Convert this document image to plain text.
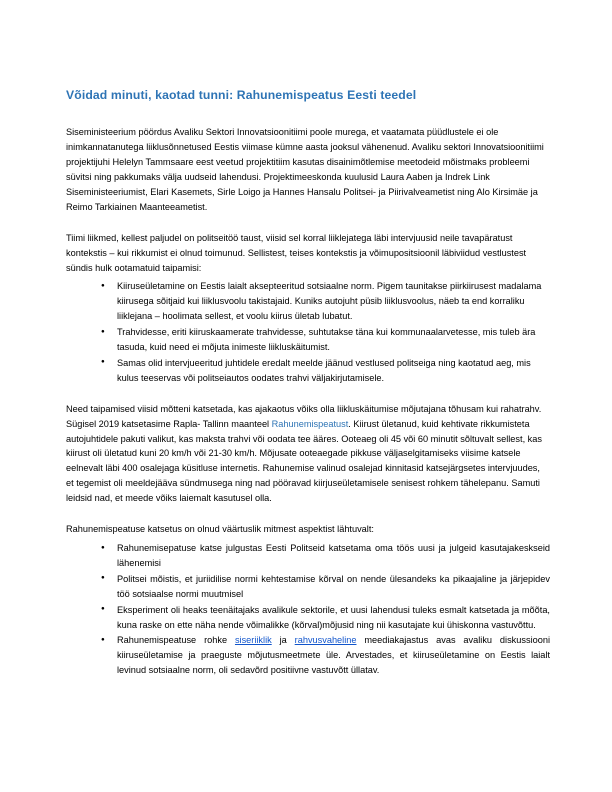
Võidad minuti, kaotad tunni: Rahunemispeatus Eesti teedel

Siseministeerium pöördus Avaliku Sektori Innovatsioonitiimi poole murega, et vaatamata püüdlustele ei ole inimkannatanutega liiklusõnnetused Eestis viimase kümne aasta jooksul vähenenud. Avaliku sektori Innovatsioonitiimi projektijuhi Helelyn Tammsaare eest veetud projektitiim kasutas disainimõtlemise meetodeid mõistmaks probleemi süvitsi ning pakkumaks välja uudseid lahendusi. Projektimeeskonda kuulusid Laura Aaben ja Indrek Link Siseministeeriumist, Elari Kasemets, Sirle Loigo ja Hannes Hansalu Politsei- ja Piirivalveametist ning Alo Kirsimäe ja Reimo Tarkiainen Maanteeametist.

Tiimi liikmed, kellest paljudel on politseitöö taust, viisid sel korral liiklejatega läbi intervjuusid neile tavapäratust kontekstis – kui rikkumist ei olnud toimunud. Sellistest, teises kontekstis ja võimupositsioonil läbiviidud vestlustest sündis hulk ootamatuid taipamisi:

● Kiiruseületamine on Eestis laialt aksepteeritud sotsiaalne norm. Pigem taunitakse piirkiirusest madalama kiirusega sõitjaid kui liiklusvoolu takistajaid. Kuniks autojuht püsib liiklusvoolus, näeb ta end korraliku liiklejana – hoolimata sellest, et voolu kiirus ületab lubatut.
● Trahvidesse, eriti kiiruskaamerate trahvidesse, suhtutakse täna kui kommunaalarvetesse, mis tuleb ära tasuda, kuid need ei mõjuta inimeste liikluskäitumist.
● Samas olid intervjueeritud juhtidele eredalt meelde jäänud vestlused politseiga ning kaotatud aeg, mis kulus teeservas või politseiautos oodates trahvi väljakirjutamisele.

Need taipamised viisid mõtteni katsetada, kas ajakaotus võiks olla liikluskäitumise mõjutajana tõhusam kui rahatrahv. Sügisel 2019 katsetasime Rapla- Tallinn maanteel Rahunemispeatust. Kiirust ületanud, kuid kehtivate rikkumisteta autojuhtidele pakuti valikut, kas maksta trahvi või oodata tee ääres. Ooteaeg oli 45 või 60 minutit sõltuvalt sellest, kas kiirust oli ületatud kuni 20 km/h või 21-30 km/h. Mõjusate ooteaegade pikkuse väljaselgitamiseks viisime katsele eelnevalt läbi 400 osalejaga küsitluse internetis. Rahunemise valinud osalejad kinnitasid katsejärgsetes intervjuudes, et tegemist oli meeldejääva sündmusega ning nad pööravad kiirjuseületamisele senisest rohkem tähelepanu. Samuti leidsid nad, et meede võiks laiemalt kasutusel olla.

Rahunemispeatuse katsetus on olnud väärtuslik mitmest aspektist lähtuvalt:

● Rahunemisepatuse katse julgustas Eesti Politseid katsetama oma töös uusi ja julgeid kasutajakeskseid lähenemisi
● Politsei mõistis, et juriidilise normi kehtestamise kõrval on nende ülesandeks ka pikaajaline ja järjepidev töö sotsiaalse normi muutmisel
● Eksperiment oli heaks teenäitajaks avalikule sektorile, et uusi lahendusi tuleks esmalt katsetada ja mõõta, kuna raske on ette näha nende võimalikke (kõrval)mõjusid ning nii kasutajate kui ühiskonna vastuvõttu.
● Rahunemispeatuse rohke siseriiklik ja rahvusvaheline meediakajastus avas avaliku diskussiooni kiiruseületamise ja praeguste mõjutusmeetmete üle. Arvestades, et kiiruseületamine on Eestis laialt levinud sotsiaalne norm, oli sedavõrd positiivne vastuvõtt üllatav.
